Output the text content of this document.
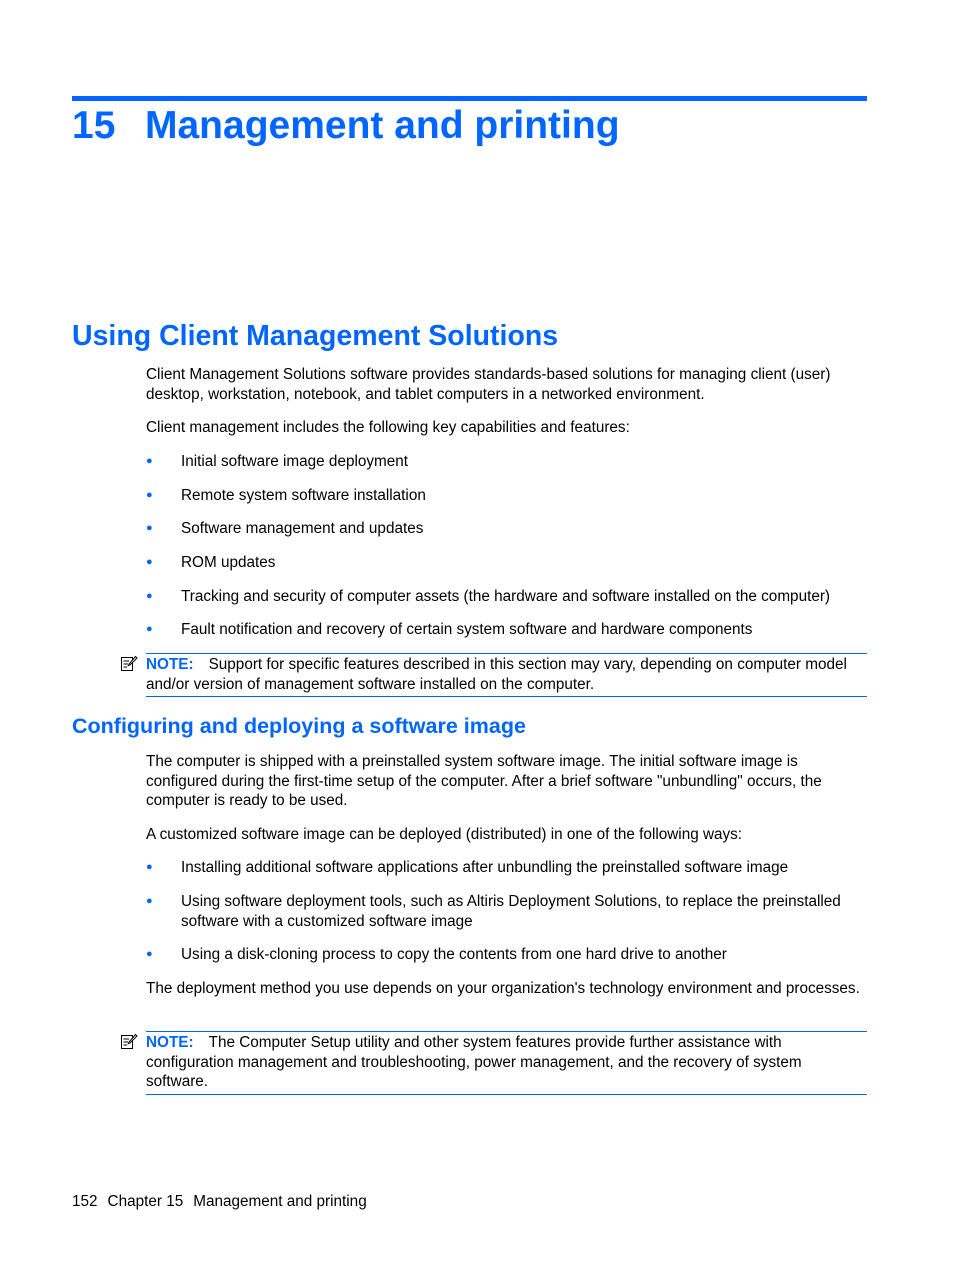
15 Management and printing
Using Client Management Solutions
Client Management Solutions software provides standards-based solutions for managing client (user) desktop, workstation, notebook, and tablet computers in a networked environment.
Client management includes the following key capabilities and features:
● Initial software image deployment
● Remote system software installation
● Software management and updates
● ROM updates
● Tracking and security of computer assets (the hardware and software installed on the computer)
● Fault notification and recovery of certain system software and hardware components
NOTE: Support for specific features described in this section may vary, depending on computer model and/or version of management software installed on the computer.
Configuring and deploying a software image
The computer is shipped with a preinstalled system software image. The initial software image is configured during the first-time setup of the computer. After a brief software "unbundling" occurs, the computer is ready to be used.
A customized software image can be deployed (distributed) in one of the following ways:
● Installing additional software applications after unbundling the preinstalled software image
● Using software deployment tools, such as Altiris Deployment Solutions, to replace the preinstalled software with a customized software image
● Using a disk-cloning process to copy the contents from one hard drive to another
The deployment method you use depends on your organization's technology environment and processes.
NOTE: The Computer Setup utility and other system features provide further assistance with configuration management and troubleshooting, power management, and the recovery of system software.
152 Chapter 15 Management and printing
